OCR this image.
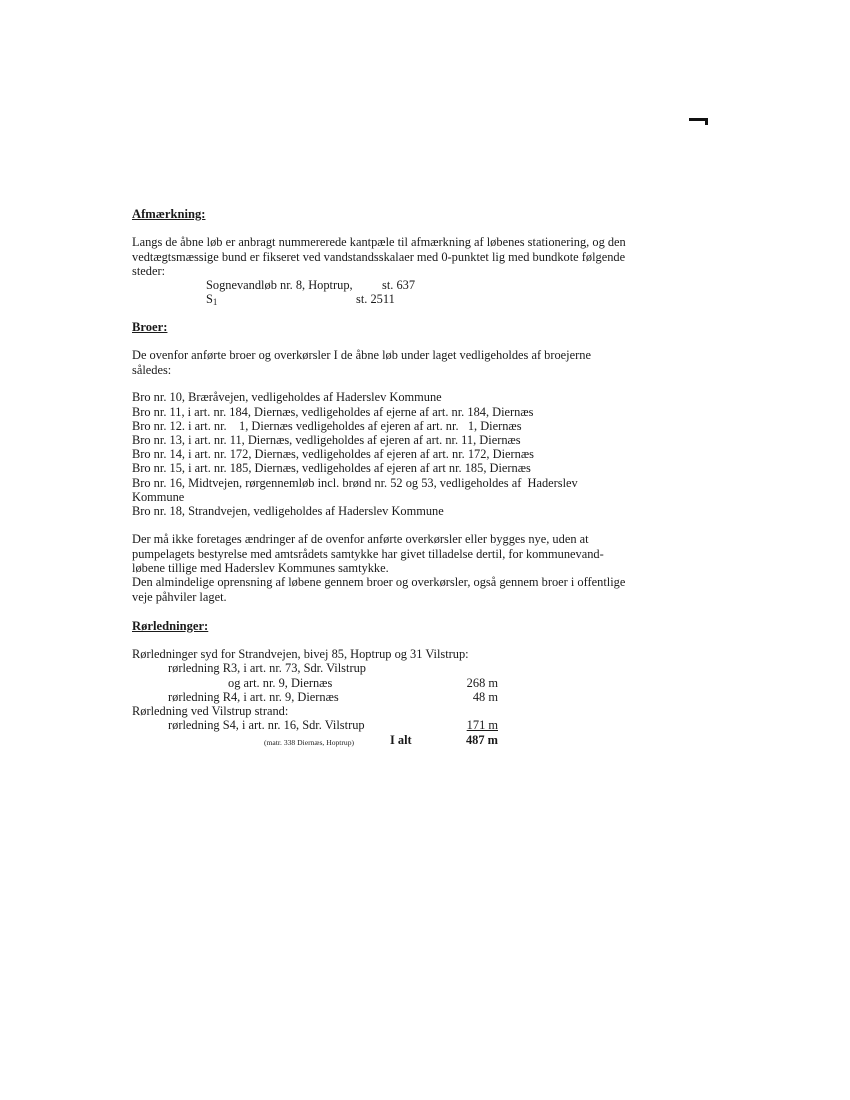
Afmærkning:

Langs de åbne løb er anbragt nummererede kantpæle til afmærkning af løbenes stationering, og den vedtægtsmæssige bund er fikseret ved vandstandsskalaer med 0-punktet lig med bundkote følgende steder:

Sognevandløb nr. 8, Hoptrup, st. 637
$S_1$	st. 2511
Broer:

De ovenfor anførte broer og overkørsler I de åbne løb under laget vedligeholdes af broejerne således:

Bro nr. 10, Bræråvejen, vedligeholdes af Haderslev Kommune
Bro nr. 11, i art. nr. 184, Diernæs, vedligeholdes af ejerne af art. nr. 184, Diernæs
Bro nr. 12. i art. nr.    1, Diernæs vedligeholdes af ejeren af art. nr.   1, Diernæs
Bro nr. 13, i art. nr. 11, Diernæs, vedligeholdes af ejeren af art. nr. 11, Diernæs
Bro nr. 14, i art. nr. 172, Diernæs, vedligeholdes af ejeren af art. nr. 172, Diernæs
Bro nr. 15, i art. nr. 185, Diernæs, vedligeholdes af ejeren af art nr. 185, Diernæs
Bro nr. 16, Midtvejen, rørgennemløb incl. brønd nr. 52 og 53, vedligeholdes af  Haderslev
Kommune
Bro nr. 18, Strandvejen, vedligeholdes af Haderslev Kommune

Der må ikke foretages ændringer af de ovenfor anførte overkørsler eller bygges nye, uden at pumpelagets bestyrelse med amtsrådets samtykke har givet tilladelse dertil, for kommunevand-løbene tillige med Haderslev Kommunes samtykke.

Den almindelige oprensning af løbene gennem broer og overkørsler, også gennem broer i offentlige veje påhviler laget.

Rørledninger:
Rørledninger syd for Strandvejen, bivej 85, Hoptrup og 31 Vilstrup:
rørledning R3, i art. nr. 73, Sdr. Vilstrup
og art. nr. 9, Diernæs	268 m
rørledning R4, i art. nr. 9, Diernæs	48 m
Rørledning ved Vilstrup strand:
rørledning S4, i art. nr. 16, Sdr. Vilstrup	171 m
(matr. 338 Diernæs, Hoptrup)	I alt	487 m
